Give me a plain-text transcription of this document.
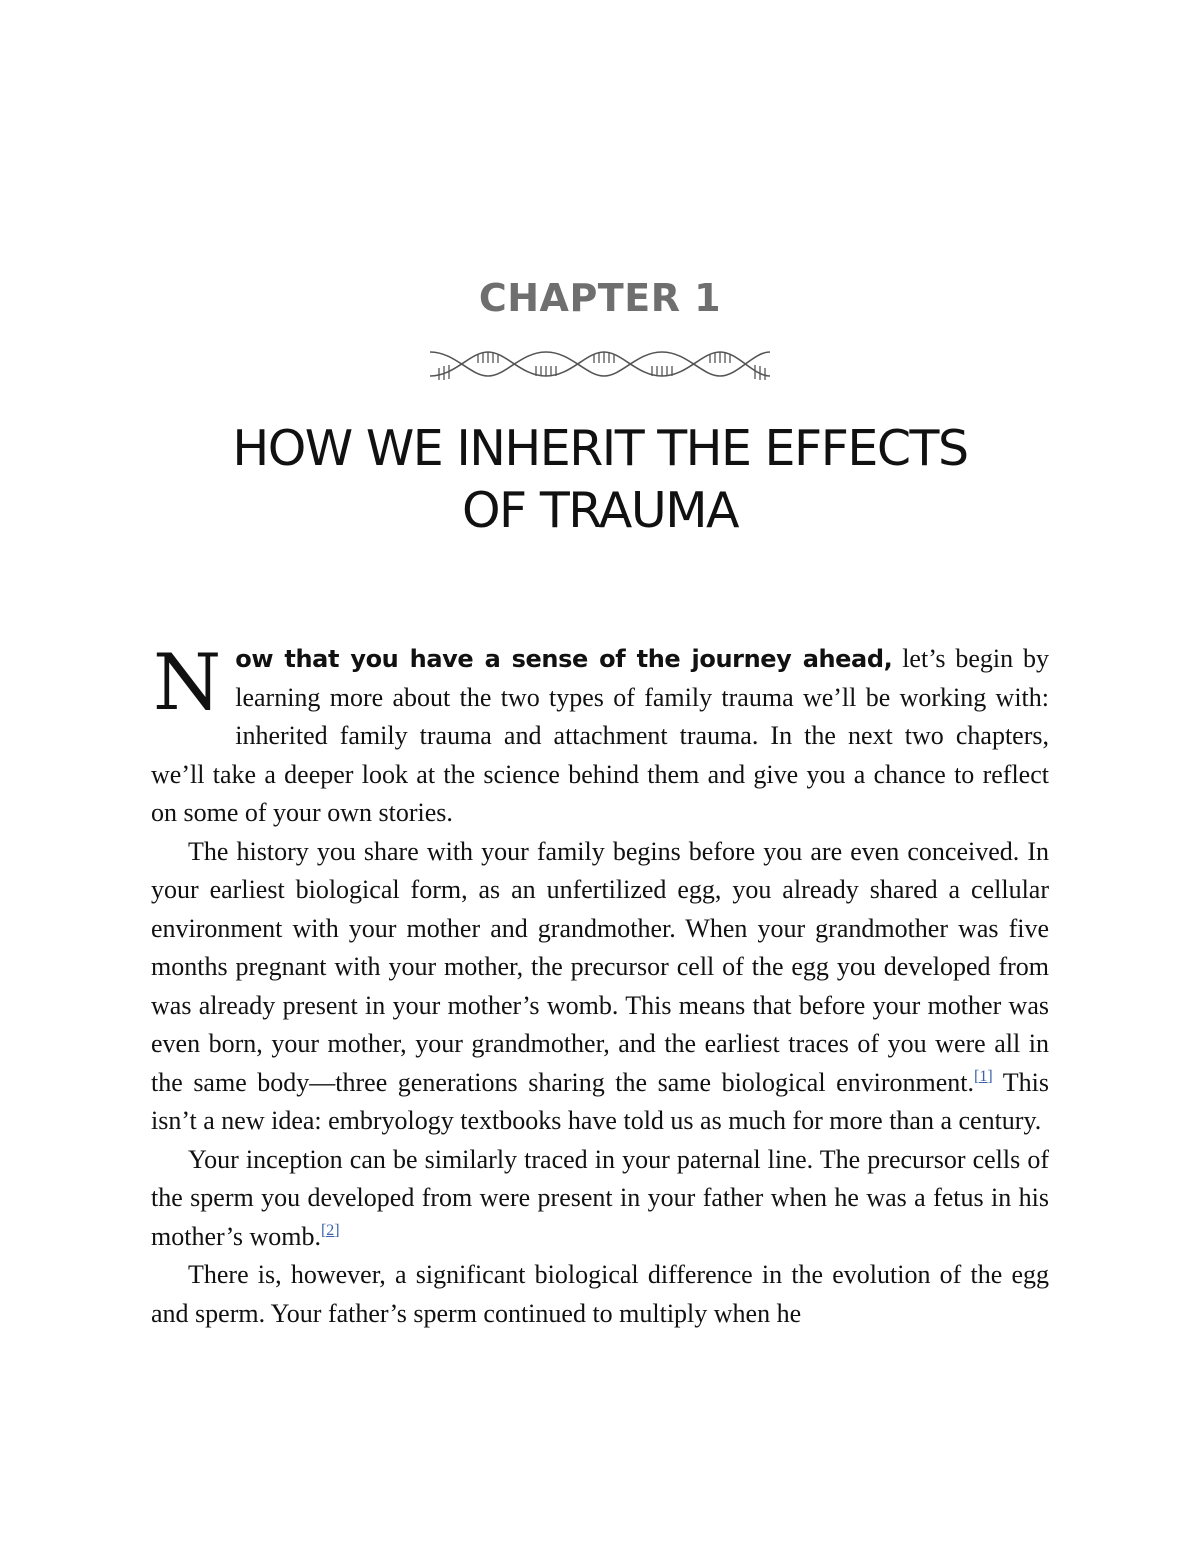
CHAPTER 1
HOW WE INHERIT THE EFFECTS
OF TRAUMA

Now that you have a sense of the journey ahead, let’s begin by learning more about the two types of family trauma we’ll be working with: inherited family trauma and attachment trauma. In the next two chapters, we’ll take a deeper look at the science behind them and give you a chance to reflect on some of your own stories.

The history you share with your family begins before you are even conceived. In your earliest biological form, as an unfertilized egg, you already shared a cellular environment with your mother and grandmother. When your grandmother was five months pregnant with your mother, the precursor cell of the egg you developed from was already present in your mother’s womb. This means that before your mother was even born, your mother, your grandmother, and the earliest traces of you were all in the same body—three generations sharing the same biological environment.[1] This isn’t a new idea: embryology textbooks have told us as much for more than a century.

Your inception can be similarly traced in your paternal line. The precursor cells of the sperm you developed from were present in your father when he was a fetus in his mother’s womb.[2]

There is, however, a significant biological difference in the evolution of the egg and sperm. Your father’s sperm continued to multiply when he
